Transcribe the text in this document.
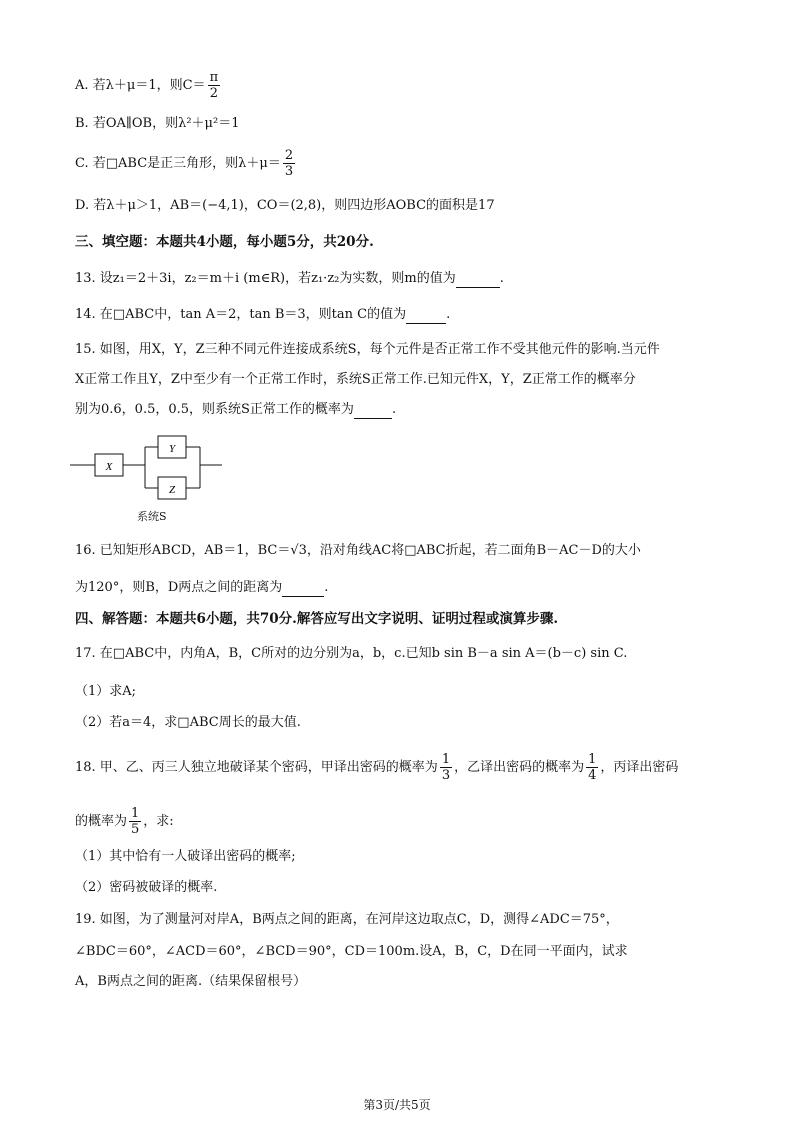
A. 若λ＋μ＝1，则$C= \frac{\pi}{2}$
B. 若OA∥OB，则λ²＋μ²＝1
C. 若□ABC是正三角形，则$\lambda+\mu= \frac{2}{3}$
D. 若λ＋μ＞1，AB＝(−4,1)，CO＝(2,8)，则四边形AOBC的面积是17
三、填空题：本题共4小题，每小题5分，共20分.
13. 设z₁＝2＋3i，z₂＝m＋i (m∈R)，若z₁·z₂为实数，则m的值为	.
14. 在□ABC中，tan A＝2，tan B＝3，则tan C的值为	.
15. 如图，用X，Y，Z三种不同元件连接成系统S，每个元件是否正常工作不受其他元件的影响.当元件
X正常工作且Y，Z中至少有一个正常工作时，系统S正常工作.已知元件X，Y，Z正常工作的概率分
别为0.6，0.5，0.5，则系统S正常工作的概率为	.
X
Y
Z
系统S
16. 已知矩形ABCD，AB＝1，BC＝√3，沿对角线AC将□ABC折起，若二面角B－AC－D的大小
为120°，则B，D两点之间的距离为	.
四、解答题：本题共6小题，共70分.解答应写出文字说明、证明过程或演算步骤.
17. 在□ABC中，内角A，B，C所对的边分别为a，b，c.已知b sin B－a sin A＝(b－c) sin C.
（1）求A;
（2）若a＝4，求□ABC周长的最大值.
18. 甲、乙、丙三人独立地破译某个密码，甲译出密码的概率为 $\frac{1}{3}$ ，乙译出密码的概率为 $\frac{1}{4}$ ，丙译出密码
的概率为 $\frac{1}{5}$ ，求:
（1）其中恰有一人破译出密码的概率;
（2）密码被破译的概率.
19. 如图，为了测量河对岸A，B两点之间的距离，在河岸这边取点C，D，测得∠ADC＝75°，
∠BDC＝60°，∠ACD＝60°，∠BCD＝90°，CD＝100m.设A，B，C，D在同一平面内，试求
A，B两点之间的距离.（结果保留根号）
第3页/共5页
